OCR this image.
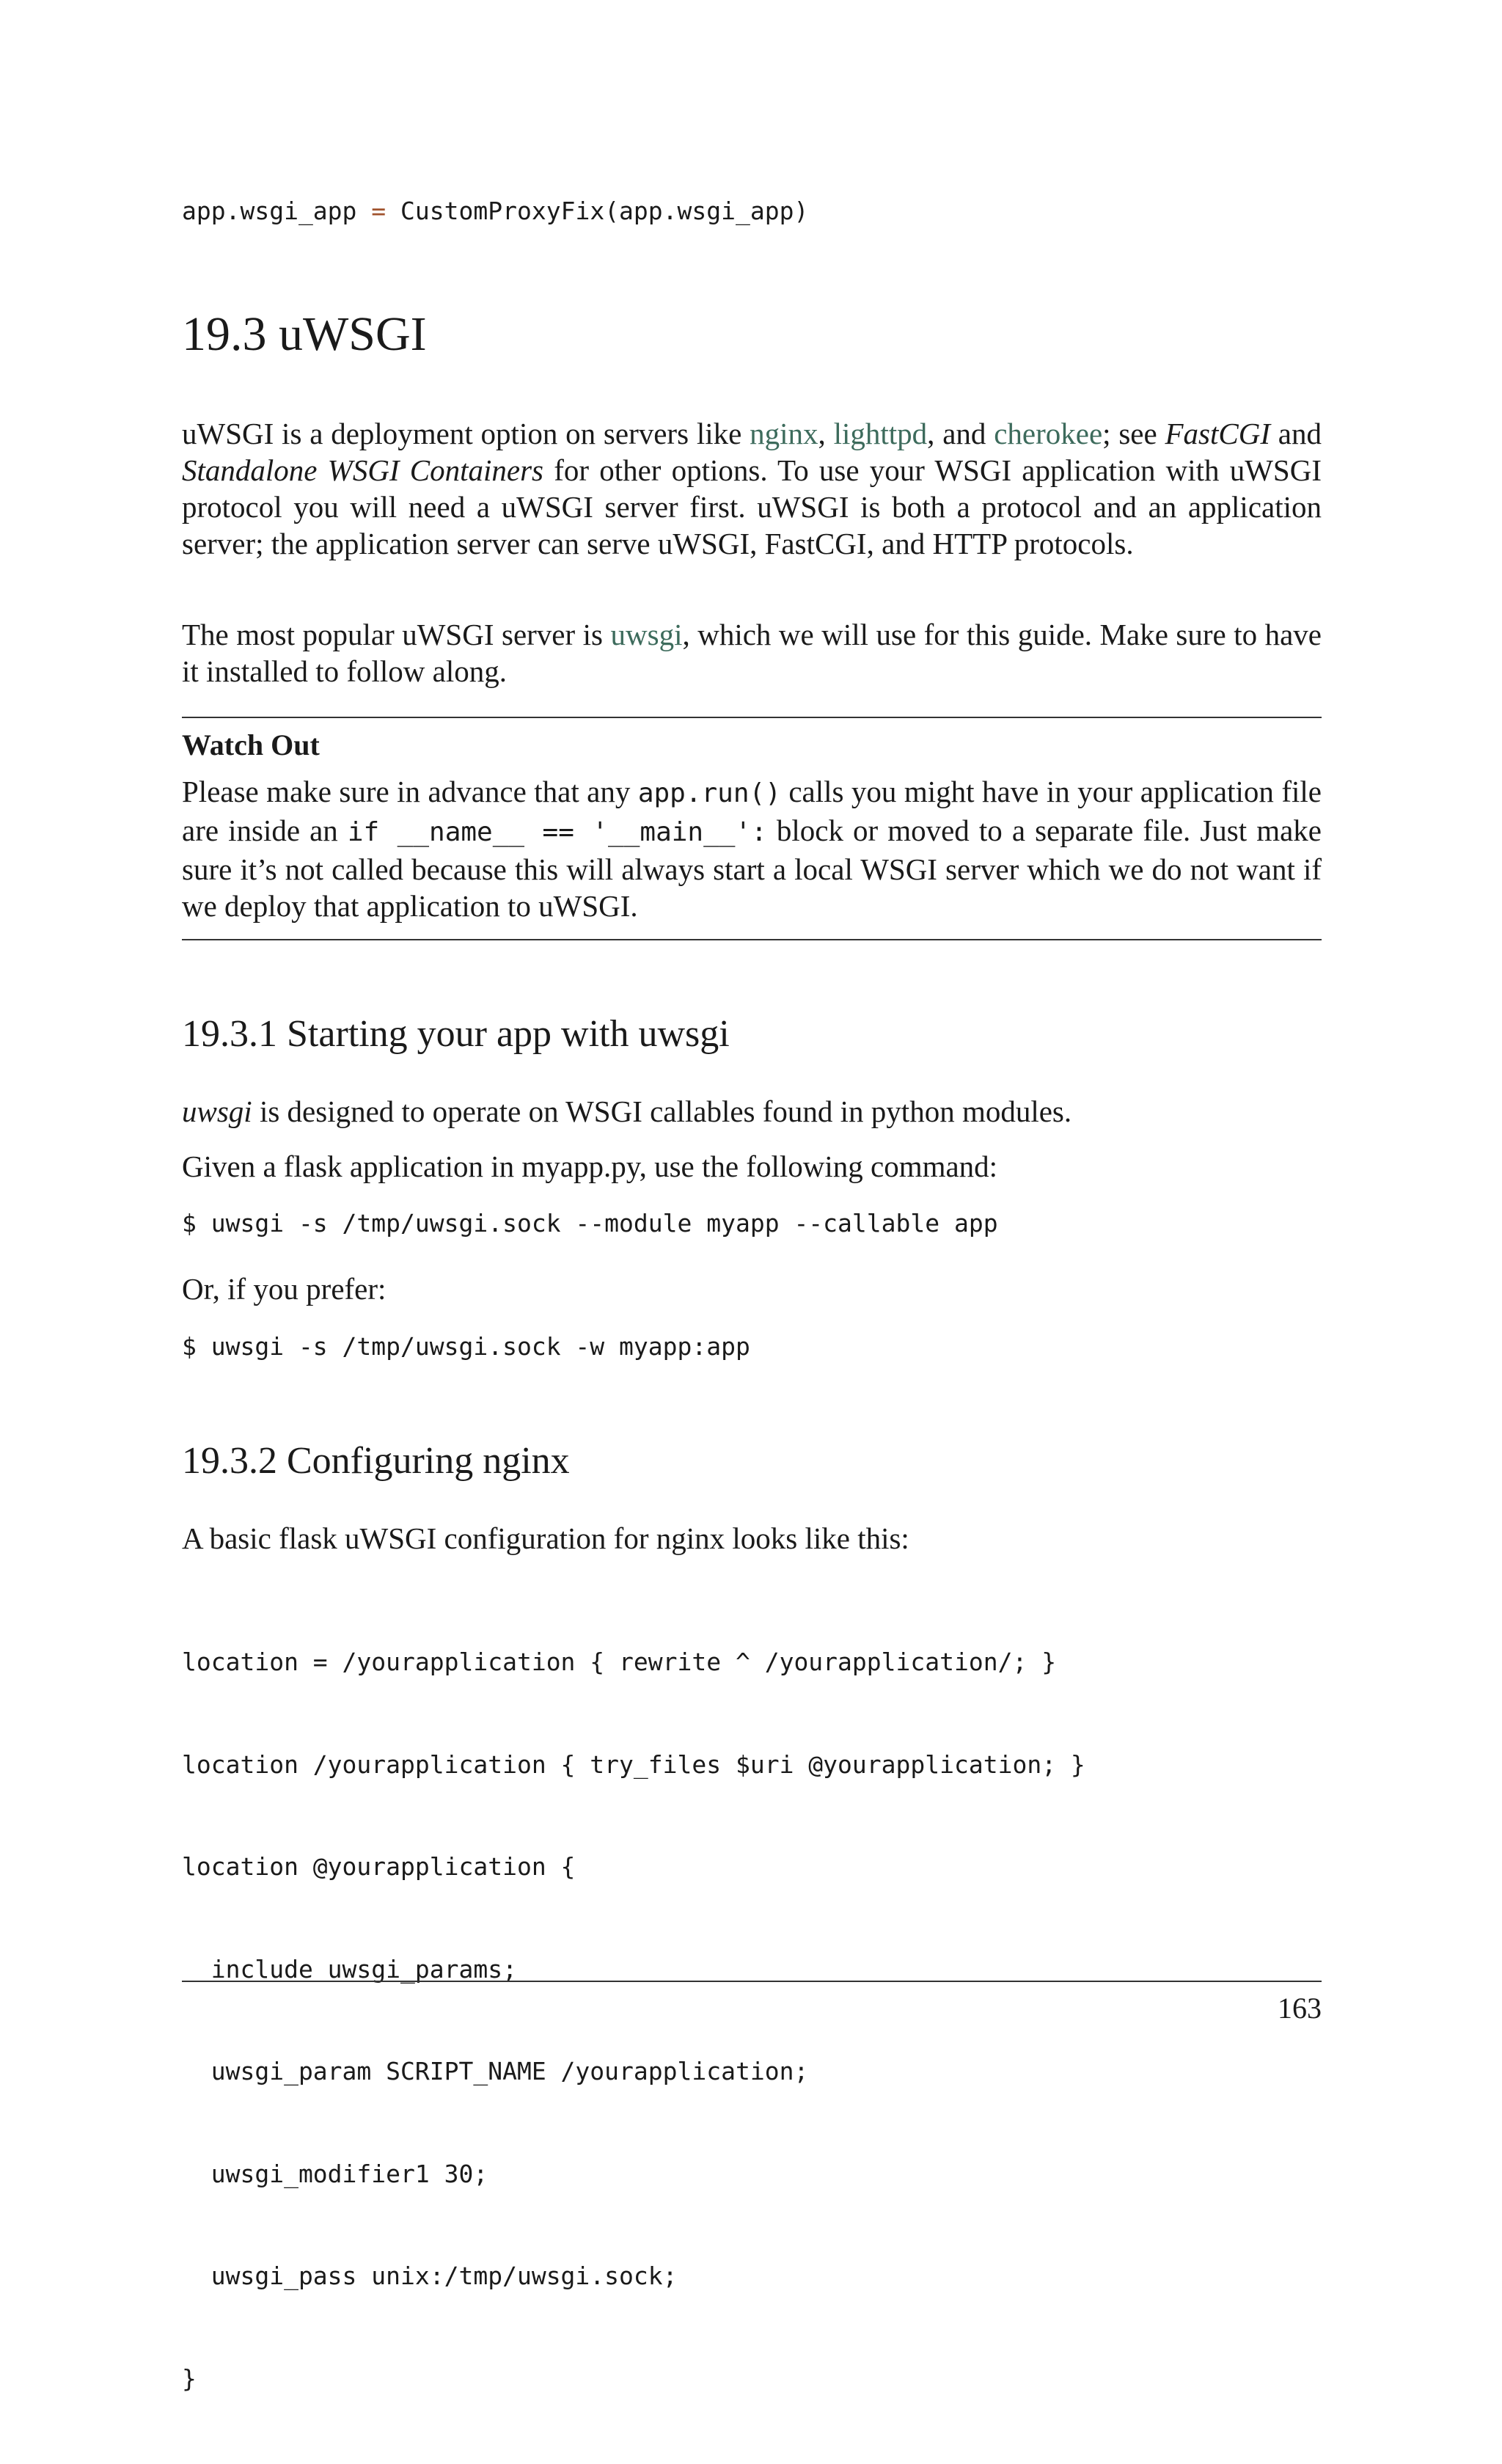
app.wsgi_app = CustomProxyFix(app.wsgi_app)
19.3 uWSGI

uWSGI is a deployment option on servers like nginx, lighttpd, and cherokee; see FastCGI and Standalone WSGI Containers for other options. To use your WSGI application with uWSGI protocol you will need a uWSGI server first. uWSGI is both a protocol and an application server; the application server can serve uWSGI, FastCGI, and HTTP protocols.

The most popular uWSGI server is uwsgi, which we will use for this guide. Make sure to have it installed to follow along.

Watch Out

Please make sure in advance that any app.run() calls you might have in your application file are inside an if __name__ == '__main__': block or moved to a separate file. Just make sure it’s not called because this will always start a local WSGI server which we do not want if we deploy that application to uWSGI.

19.3.1 Starting your app with uwsgi

uwsgi is designed to operate on WSGI callables found in python modules.

Given a flask application in myapp.py, use the following command:

$ uwsgi -s /tmp/uwsgi.sock --module myapp --callable app

Or, if you prefer:

$ uwsgi -s /tmp/uwsgi.sock -w myapp:app
19.3.2 Configuring nginx

A basic flask uWSGI configuration for nginx looks like this:

location = /yourapplication { rewrite ^ /yourapplication/; }

location /yourapplication { try_files $uri @yourapplication; }

location @yourapplication {

include uwsgi_params;

uwsgi_param SCRIPT_NAME /yourapplication;

uwsgi_modifier1 30;

uwsgi_pass unix:/tmp/uwsgi.sock;

}

163
